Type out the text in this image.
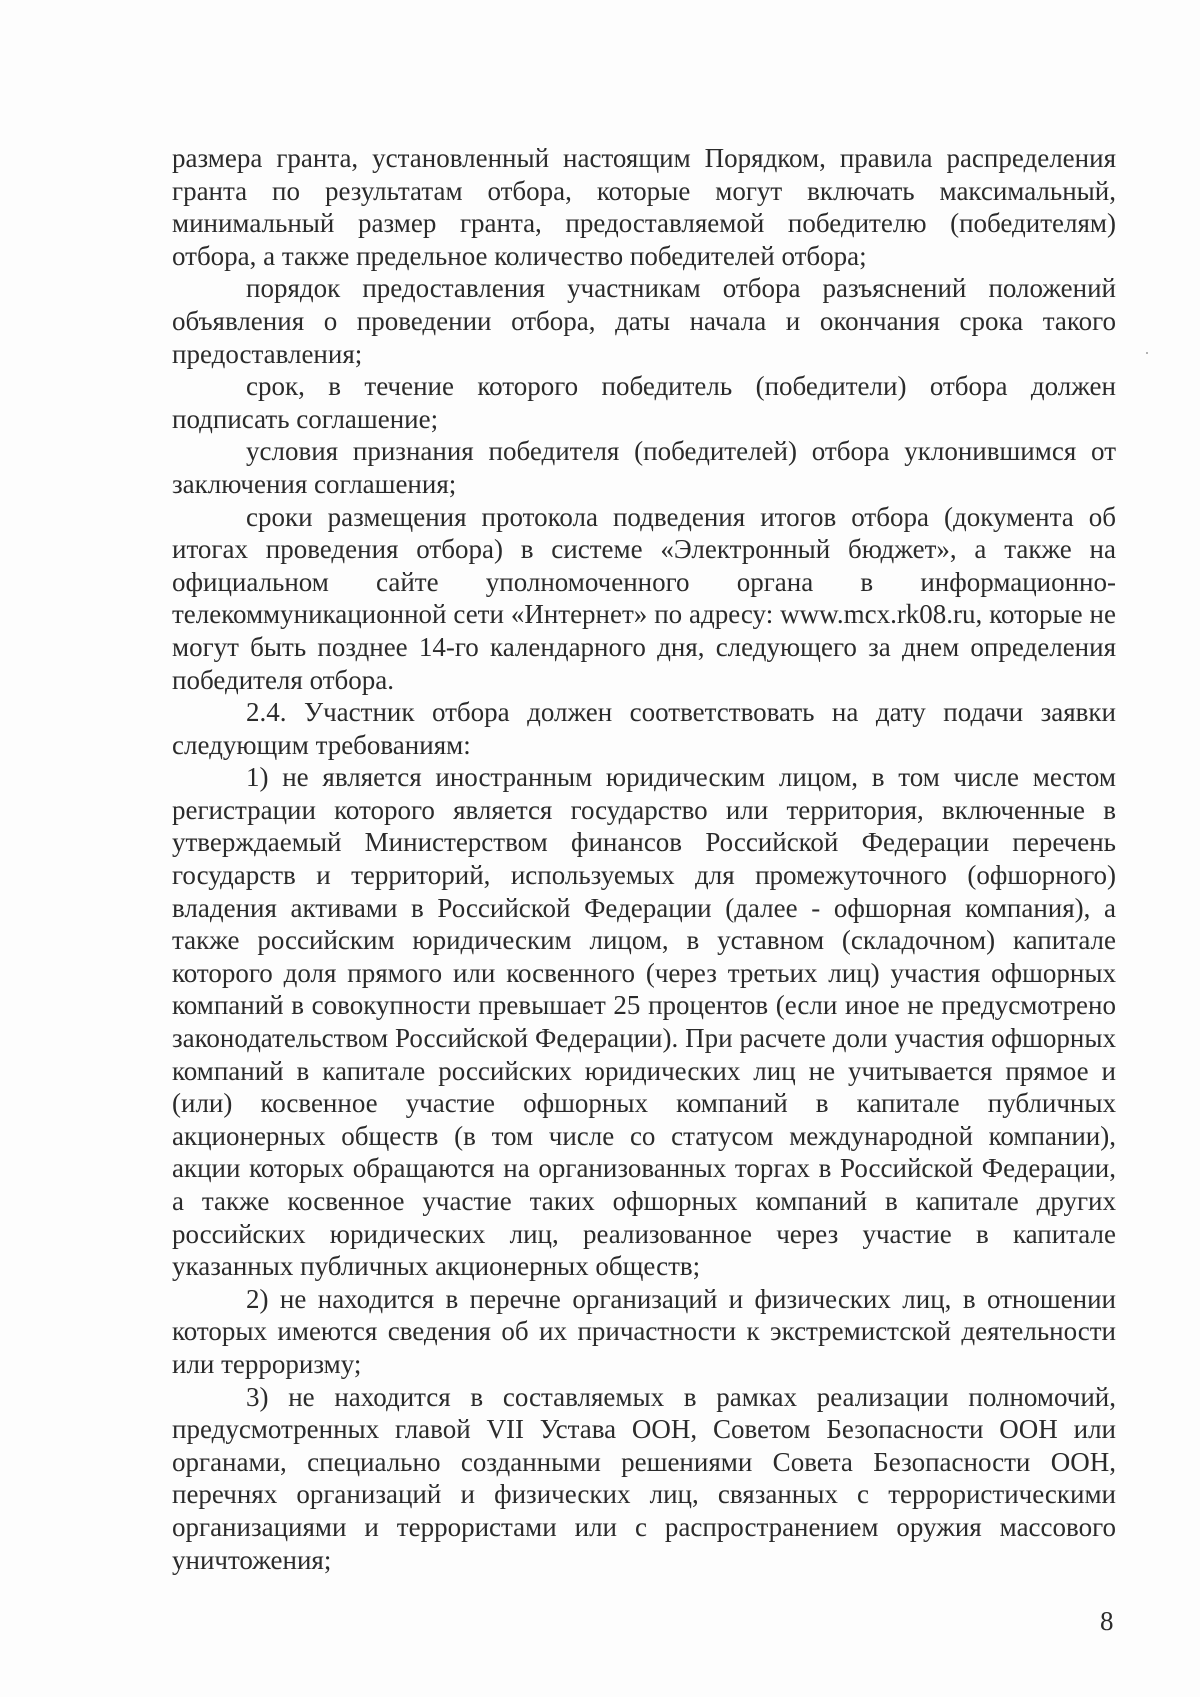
размера гранта, установленный настоящим Порядком, правила распределения гранта по результатам отбора, которые могут включать максимальный, минимальный размер гранта, предоставляемой победителю (победителям) отбора, а также предельное количество победителей отбора;

порядок предоставления участникам отбора разъяснений положений объявления о проведении отбора, даты начала и окончания срока такого предоставления;

срок, в течение которого победитель (победители) отбора должен подписать соглашение;

условия признания победителя (победителей) отбора уклонившимся от заключения соглашения;

сроки размещения протокола подведения итогов отбора (документа об итогах проведения отбора) в системе «Электронный бюджет», а также на официальном сайте уполномоченного органа в информационно-телекоммуникационной сети «Интернет» по адресу: www.mcx.rk08.ru, которые не могут быть позднее 14-го календарного дня, следующего за днем определения победителя отбора.

2.4. Участник отбора должен соответствовать на дату подачи заявки следующим требованиям:

1) не является иностранным юридическим лицом, в том числе местом регистрации которого является государство или территория, включенные в утверждаемый Министерством финансов Российской Федерации перечень государств и территорий, используемых для промежуточного (офшорного) владения активами в Российской Федерации (далее - офшорная компания), а также российским юридическим лицом, в уставном (складочном) капитале которого доля прямого или косвенного (через третьих лиц) участия офшорных компаний в совокупности превышает 25 процентов (если иное не предусмотрено законодательством Российской Федерации). При расчете доли участия офшорных компаний в капитале российских юридических лиц не учитывается прямое и (или) косвенное участие офшорных компаний в капитале публичных акционерных обществ (в том числе со статусом международной компании), акции которых обращаются на организованных торгах в Российской Федерации, а также косвенное участие таких офшорных компаний в капитале других российских юридических лиц, реализованное через участие в капитале указанных публичных акционерных обществ;

2) не находится в перечне организаций и физических лиц, в отношении которых имеются сведения об их причастности к экстремистской деятельности или терроризму;

3) не находится в составляемых в рамках реализации полномочий, предусмотренных главой VII Устава ООН, Советом Безопасности ООН или органами, специально созданными решениями Совета Безопасности ООН, перечнях организаций и физических лиц, связанных с террористическими организациями и террористами или с распространением оружия массового уничтожения;

8
